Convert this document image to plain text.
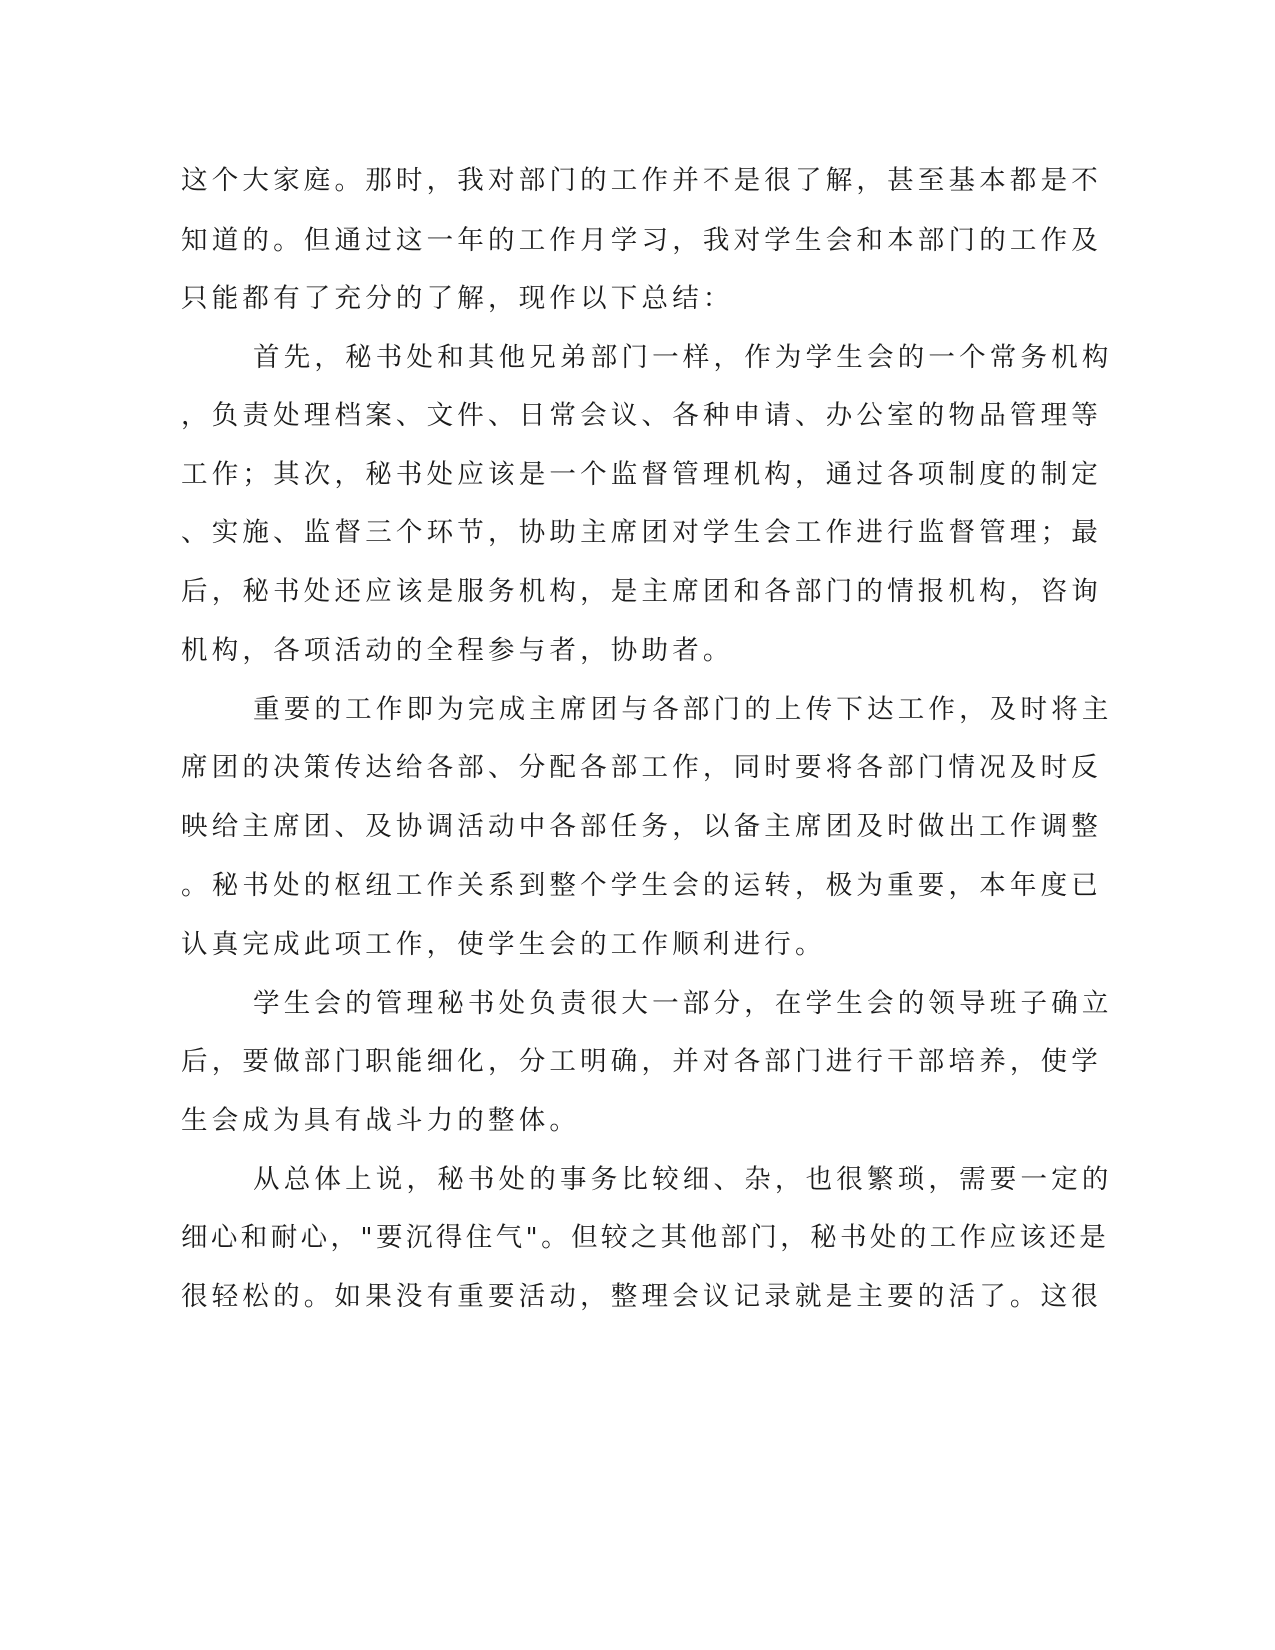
这个大家庭。那时，我对部门的工作并不是很了解，甚至基本都是不
知道的。但通过这一年的工作月学习，我对学生会和本部门的工作及
只能都有了充分的了解，现作以下总结：
首先，秘书处和其他兄弟部门一样，作为学生会的一个常务机构
，负责处理档案、文件、日常会议、各种申请、办公室的物品管理等
工作；其次，秘书处应该是一个监督管理机构，通过各项制度的制定
、实施、监督三个环节，协助主席团对学生会工作进行监督管理；最
后，秘书处还应该是服务机构，是主席团和各部门的情报机构，咨询
机构，各项活动的全程参与者，协助者。
重要的工作即为完成主席团与各部门的上传下达工作，及时将主
席团的决策传达给各部、分配各部工作，同时要将各部门情况及时反
映给主席团、及协调活动中各部任务，以备主席团及时做出工作调整
。秘书处的枢纽工作关系到整个学生会的运转，极为重要，本年度已
认真完成此项工作，使学生会的工作顺利进行。
学生会的管理秘书处负责很大一部分，在学生会的领导班子确立
后，要做部门职能细化，分工明确，并对各部门进行干部培养，使学
生会成为具有战斗力的整体。
从总体上说，秘书处的事务比较细、杂，也很繁琐，需要一定的
细心和耐心，"要沉得住气"。但较之其他部门，秘书处的工作应该还是
很轻松的。如果没有重要活动，整理会议记录就是主要的活了。这很
